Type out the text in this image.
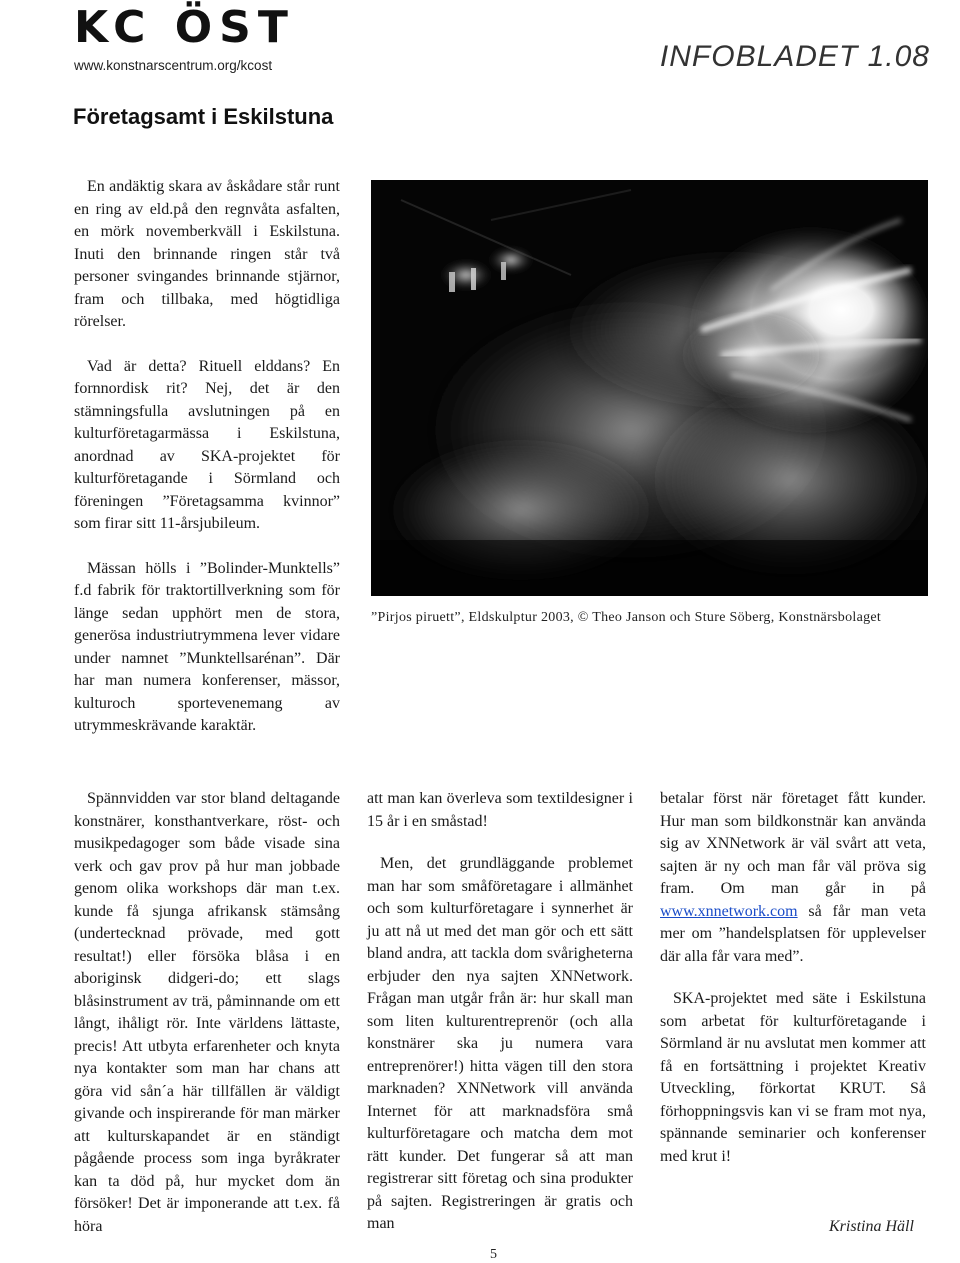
KC ÖST
www.konstnarscentrum.org/kcost	INFOBLADET 1.08
Företagsamt i Eskilstuna

En andäktig skara av åskådare står runt en ring av eld.på den regnvåta asfalten, en mörk novemberkväll i Eskilstuna. Inuti den brinnande ringen står två personer svingandes brinnande stjärnor, fram och tillbaka, med högtidliga rörelser.

Vad är detta? Rituell elddans? En fornnordisk rit? Nej, det är den stämningsfulla avslutningen på en kulturföretagarmässa i Eskilstuna, anordnad av SKA-projektet för kulturföretagande i Sörmland och föreningen ”Företagsamma kvinnor” som firar sitt 11-årsjubileum.

Mässan hölls i ”Bolinder-Munktells” f.d fabrik för traktortillverkning som för länge sedan upphört men de stora, generösa industriutrymmena lever vidare under namnet ”Munktellsarénan”. Där har man numera konferenser, mässor, kulturoch sportevenemang av utrymmeskrävande karaktär.

”Pirjos piruett”, Eldskulptur 2003, © Theo Janson och Sture Söberg, Konstnärsbolaget

Spännvidden var stor bland deltagande konstnärer, konsthantverkare, röst- och musikpedagoger som både visade sina verk och gav prov på hur man jobbade genom olika workshops där man t.ex. kunde få sjunga afrikansk stämsång (undertecknad prövade, med gott resultat!) eller försöka blåsa i en aboriginsk didgeri-do; ett slags blåsinstrument av trä, påminnande om ett långt, ihåligt rör. Inte världens lättaste, precis! Att utbyta erfarenheter och knyta nya kontakter som man har chans att göra vid sån´a här tillfällen är väldigt givande och inspirerande för man märker att kulturskapandet är en ständigt pågående process som inga byråkrater kan ta död på, hur mycket dom än försöker! Det är imponerande att t.ex. få höra

att man kan överleva som textildesigner i 15 år i en småstad!

Men, det grundläggande problemet man har som småföretagare i allmänhet och som kulturföretagare i synnerhet är ju att nå ut med det man gör och ett sätt bland andra, att tackla dom svårigheterna erbjuder den nya sajten XNNetwork. Frågan man utgår från är: hur skall man som liten kulturentreprenör (och alla konstnärer ska ju numera vara entreprenörer!) hitta vägen till den stora marknaden? XNNetwork vill använda Internet för att marknadsföra små kulturföretagare och matcha dem mot rätt kunder. Det fungerar så att man registrerar sitt företag och sina produkter på sajten. Registreringen är gratis och man

betalar först när företaget fått kunder. Hur man som bildkonstnär kan använda sig av XNNetwork är väl svårt att veta, sajten är ny och man får väl pröva sig fram. Om man går in på www.xnnetwork.com så får man veta mer om ”handelsplatsen för upplevelser där alla får vara med”.

SKA-projektet med säte i Eskilstuna som arbetat för kulturföretagande i Sörmland är nu avslutat men kommer att få en fortsättning i projektet Kreativ Utveckling, förkortat KRUT. Så förhoppningsvis kan vi se fram mot nya, spännande seminarier och konferenser med krut i!

Kristina Häll
5
